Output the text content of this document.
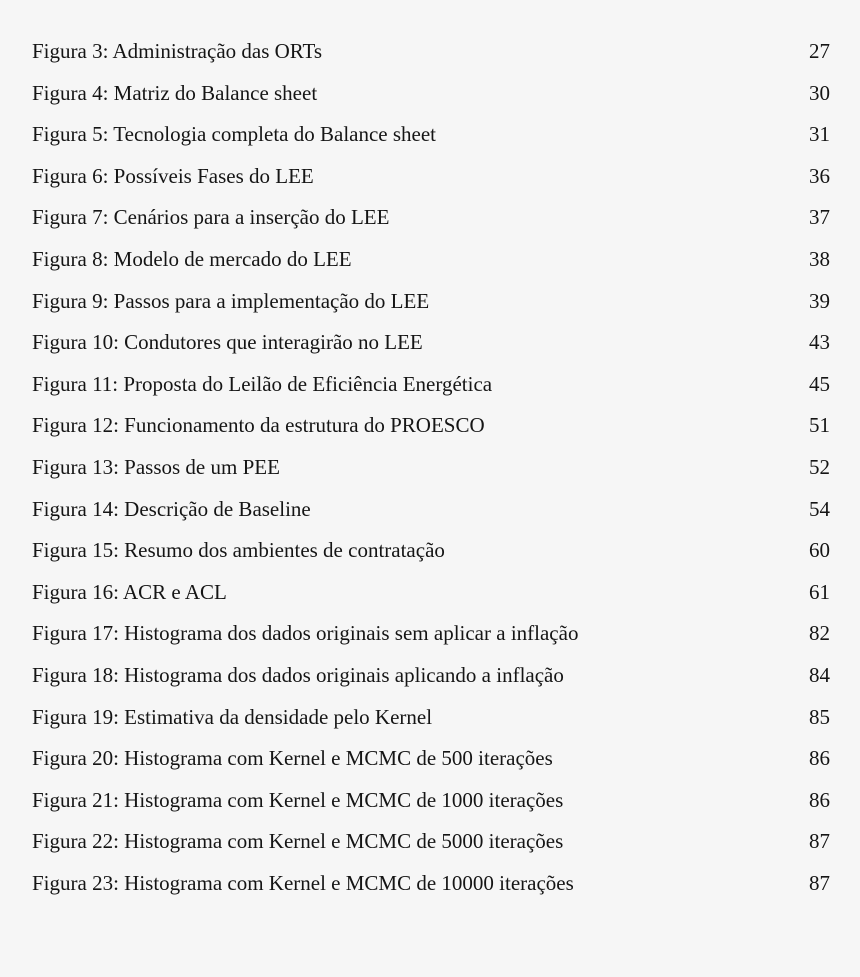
Figura 3: Administração das ORTs	27
Figura 4: Matriz do Balance sheet	30
Figura 5: Tecnologia completa do Balance sheet	31
Figura 6: Possíveis Fases do LEE	36
Figura 7: Cenários para a inserção do LEE	37
Figura 8: Modelo de mercado do LEE	38
Figura 9: Passos para a implementação do LEE	39
Figura 10: Condutores que interagirão no LEE	43
Figura 11: Proposta do Leilão de Eficiência Energética	45
Figura 12: Funcionamento da estrutura do PROESCO	51
Figura 13: Passos de um PEE	52
Figura 14: Descrição de Baseline	54
Figura 15: Resumo dos ambientes de contratação	60
Figura 16: ACR e ACL	61
Figura 17: Histograma dos dados originais sem aplicar a inflação	82
Figura 18: Histograma dos dados originais aplicando a inflação	84
Figura 19: Estimativa da densidade pelo Kernel	85
Figura 20: Histograma com Kernel e MCMC de 500 iterações	86
Figura 21: Histograma com Kernel e MCMC de 1000 iterações	86
Figura 22: Histograma com Kernel e MCMC de 5000 iterações	87
Figura 23: Histograma com Kernel e MCMC de 10000 iterações	87
